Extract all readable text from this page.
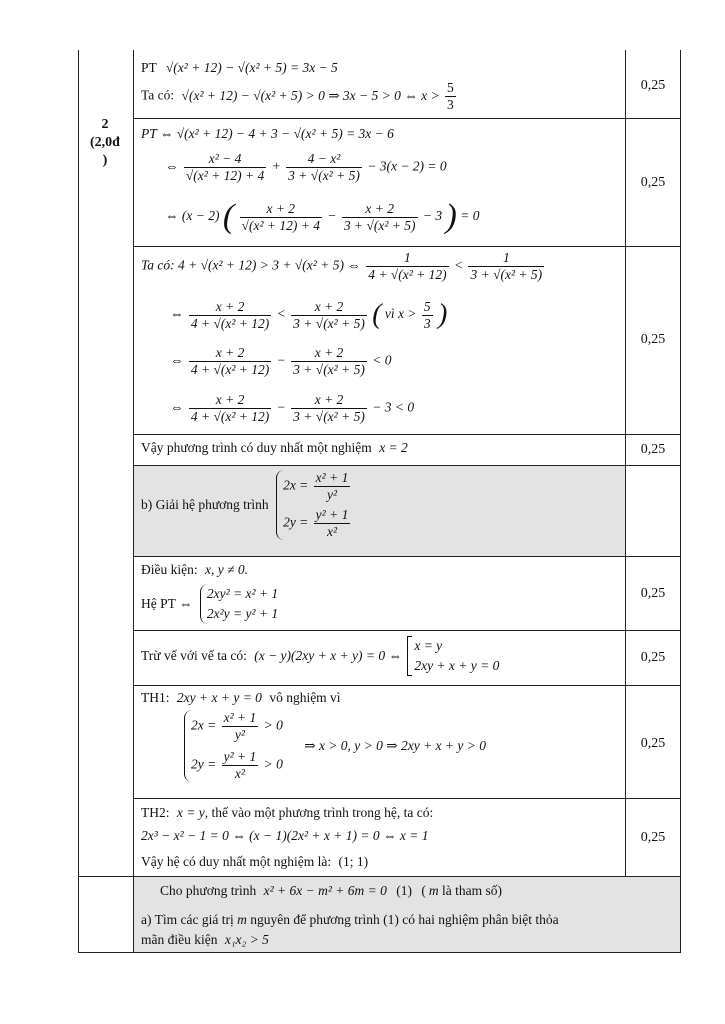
2
(2,0đ
)
0,25
0,25
0,25
0,25
0,25
0,25
0,25
0,25
PT √(x² + 12) − √(x² + 5) = 3x − 5
Ta có: √(x² + 12) − √(x² + 5) > 0 ⇒ 3x − 5 > 0 ⇔ $x > \frac{5}{3}$
PT ⇔ √(x² + 12) − 4 + 3 − √(x² + 5) = 3x − 6
⇔ $\frac{\text{x² − 4}}{\text{√(x² + 12) + 4}} + \frac{\text{4 − x²}}{\text{3 + √(x² + 5)}} - 3(x - 2) = 0$
⇔ (x − 2) ( $\frac{x + 2}{\text{√(x² + 12) + 4}} - \frac{x + 2}{\text{3 + √(x² + 5)}} - 3$ ) = 0
Ta có: 4 + √(x² + 12) > 3 + √(x² + 5) ⇔ $\frac{1}{\text{4 + √(x² + 12)}} < \frac{1}{\text{3 + √(x² + 5)}}$
⇔ $\frac{x + 2}{\text{4 + √(x² + 12)}} < \frac{x + 2}{\text{3 + √(x² + 5)}}$ ( vì $x > \frac{5}{3}$ )
⇔ $\frac{x + 2}{\text{4 + √(x² + 12)}} - \frac{x + 2}{\text{3 + √(x² + 5)}} < 0$
⇔ $\frac{x + 2}{\text{4 + √(x² + 12)}} - \frac{x + 2}{\text{3 + √(x² + 5)}} - 3 < 0$
Vậy phương trình có duy nhất một nghiệm x = 2
b) Giải hệ phương trình
$2x = \frac{\text{x² + 1}}{\text{y²}}$
$2y = \frac{\text{y² + 1}}{\text{x²}}$
Điều kiện: x, y ≠ 0.
Hệ PT ⇔
2xy² = x² + 1
2x²y = y² + 1
Trừ vế với vế ta có: (x − y)(2xy + x + y) = 0 ⇔
x = y
2xy + x + y = 0
TH1: 2xy + x + y = 0 vô nghiệm vì
$2x = \frac{\text{x² + 1}}{\text{y²}} > 0$
$2y = \frac{\text{y² + 1}}{\text{x²}} > 0$
⇒ x > 0, y > 0 ⇒ 2xy + x + y > 0
TH2: x = y, thế vào một phương trình trong hệ, ta có:
2x³ − x² − 1 = 0 ⇔ (x − 1)(2x² + x + 1) = 0 ⇔ x = 1
Vậy hệ có duy nhất một nghiệm là: (1; 1)
Cho phương trình x² + 6x − m² + 6m = 0 (1) ( m là tham số)
a) Tìm các giá trị m nguyên để phương trình (1) có hai nghiệm phân biệt thỏa
mãn điều kiện x₁x₂ > 5
